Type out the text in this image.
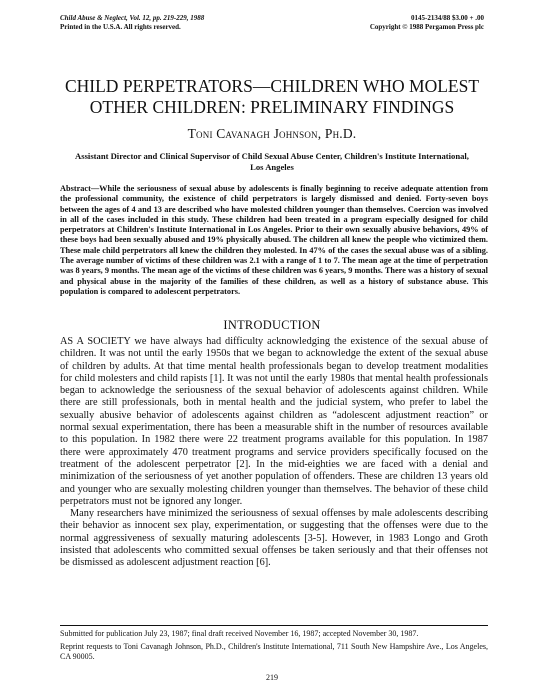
Child Abuse & Neglect, Vol. 12, pp. 219-229, 1988
Printed in the U.S.A. All rights reserved.
0145-2134/88 $3.00 + .00
Copyright © 1988 Pergamon Press plc
CHILD PERPETRATORS—CHILDREN WHO MOLEST
OTHER CHILDREN: PRELIMINARY FINDINGS
Toni Cavanagh Johnson, Ph.D.
Assistant Director and Clinical Supervisor of Child Sexual Abuse Center, Children's Institute International,
Los Angeles
Abstract—While the seriousness of sexual abuse by adolescents is finally beginning to receive adequate attention from the professional community, the existence of child perpetrators is largely dismissed and denied. Forty-seven boys between the ages of 4 and 13 are described who have molested children younger than themselves. Coercion was involved in all of the cases included in this study. These children had been treated in a program especially designed for child perpetrators at Children's Institute International in Los Angeles. Prior to their own sexually abusive behaviors, 49% of these boys had been sexually abused and 19% physically abused. The children all knew the people who victimized them. These male child perpetrators all knew the children they molested. In 47% of the cases the sexual abuse was of a sibling. The average number of victims of these children was 2.1 with a range of 1 to 7. The mean age at the time of perpetration was 8 years, 9 months. The mean age of the victims of these children was 6 years, 9 months. There was a history of sexual and physical abuse in the majority of the families of these children, as well as a history of substance abuse. This population is compared to adolescent perpetrators.
INTRODUCTION

AS A SOCIETY we have always had difficulty acknowledging the existence of the sexual abuse of children. It was not until the early 1950s that we began to acknowledge the extent of the sexual abuse of children by adults. At that time mental health professionals began to develop treatment modalities for child molesters and child rapists [1]. It was not until the early 1980s that mental health professionals began to acknowledge the seriousness of the sexual behavior of adolescents against children. While there are still professionals, both in mental health and the judicial system, who prefer to label the sexually abusive behavior of adolescents against children as “adolescent adjustment reaction” or normal sexual experimentation, there has been a measurable shift in the number of resources available to this population. In 1982 there were 22 treatment programs available for this population. In 1987 there were approximately 470 treatment programs and service providers specifically focused on the treatment of the adolescent perpetrator [2]. In the mid-eighties we are faced with a denial and minimization of the seriousness of yet another population of offenders. These are children 13 years old and younger who are sexually molesting children younger than themselves. The behavior of these child perpetrators must not be ignored any longer.

Many researchers have minimized the seriousness of sexual offenses by male adolescents describing their behavior as innocent sex play, experimentation, or suggesting that the offenses were due to the normal aggressiveness of sexually maturing adolescents [3-5]. However, in 1983 Longo and Groth insisted that adolescents who committed sexual offenses be taken seriously and that their offenses not be dismissed as adolescent adjustment reaction [6].

Submitted for publication July 23, 1987; final draft received November 16, 1987; accepted November 30, 1987.
Reprint requests to Toni Cavanagh Johnson, Ph.D., Children's Institute International, 711 South New Hampshire Ave., Los Angeles, CA 90005.
219
